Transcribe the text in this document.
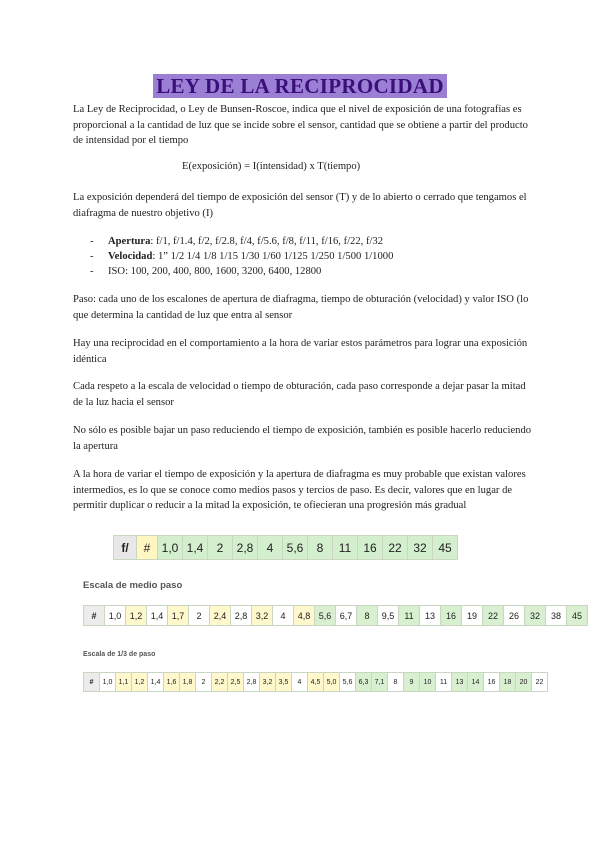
LEY DE LA RECIPROCIDAD

La Ley de Reciprocidad, o Ley de Bunsen-Roscoe, indica que el nivel de exposición de una fotografías es proporcional a la cantidad de luz que se incide sobre el sensor, cantidad que se obtiene a partir del producto de intensidad por el tiempo

E(exposición) = I(intensidad) x T(tiempo)

La exposición dependerá del tiempo de exposición del sensor (T) y de lo abierto o cerrado que tengamos el diafragma de nuestro objetivo (I)

- Apertura: f/1, f/1.4, f/2, f/2.8, f/4, f/5.6, f/8, f/11, f/16, f/22, f/32
- Velocidad: 1” 1/2 1/4 1/8 1/15 1/30 1/60 1/125 1/250 1/500 1/1000
- ISO: 100, 200, 400, 800, 1600, 3200, 6400, 12800

Paso: cada uno de los escalones de apertura de diafragma, tiempo de obturación (velocidad) y valor ISO (lo que determina la cantidad de luz que entra al sensor

Hay una reciprocidad en el comportamiento a la hora de variar estos parámetros para lograr una exposición idéntica

Cada respeto a la escala de velocidad o tiempo de obturación, cada paso corresponde a dejar pasar la mitad de la luz hacia el sensor

No sólo es posible bajar un paso reduciendo el tiempo de exposición, también es posible hacerlo reduciendo la apertura

A la hora de variar el tiempo de exposición y la apertura de diafragma es muy probable que existan valores intermedios, es lo que se conoce como medios pasos y tercios de paso. Es decir, valores que en lugar de permitir duplicar o reducir a la mitad la exposición, te ofiecieran una progresión más gradual

f/	#	1,0	1,4	2	2,8	4	5,6	8	11	16	22	32	45
Escala de medio paso
#	1,0	1,2	1,4	1,7	2	2,4	2,8	3,2	4	4,8	5,6	6,7	8	9,5	11	13	16	19	22	26	32	38	45
Escala de 1/3 de paso
#	1,0	1,1	1,2	1,4	1,6	1,8	2	2,2	2,5	2,8	3,2	3,5	4	4,5	5,0	5,6	6,3	7,1	8	9	10	11	13	14	16	18	20	22
